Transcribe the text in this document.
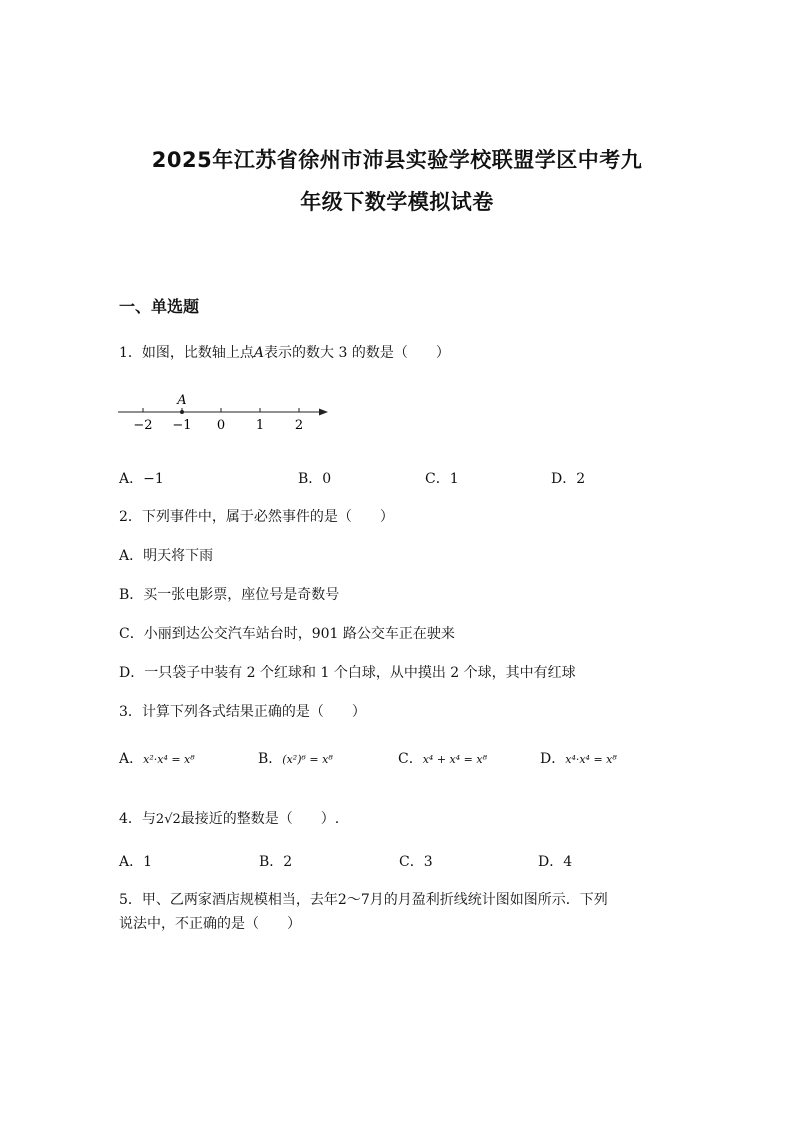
2025年江苏省徐州市沛县实验学校联盟学区中考九
年级下数学模拟试卷
一、单选题
1．如图，比数轴上点A表示的数大 3 的数是（　　）
A
−2 −1 0 1 2
A．−1	B．0	C．1	D．2
2．下列事件中，属于必然事件的是（　　）
A．明天将下雨
B．买一张电影票，座位号是奇数号
C．小丽到达公交汽车站台时，901 路公交车正在驶来
D．一只袋子中装有 2 个红球和 1 个白球，从中摸出 2 个球，其中有红球
3．计算下列各式结果正确的是（　　）
A．x²·x⁴ = x⁸	B．(x²)⁶ = x⁸	C．x⁴ + x⁴ = x⁸	D．x⁴·x⁴ = x⁸
4．与2√2最接近的整数是（　　）.
A．1	B．2	C．3	D．4
5．甲、乙两家酒店规模相当，去年2～7月的月盈利折线统计图如图所示．下列
说法中，不正确的是（　　）
